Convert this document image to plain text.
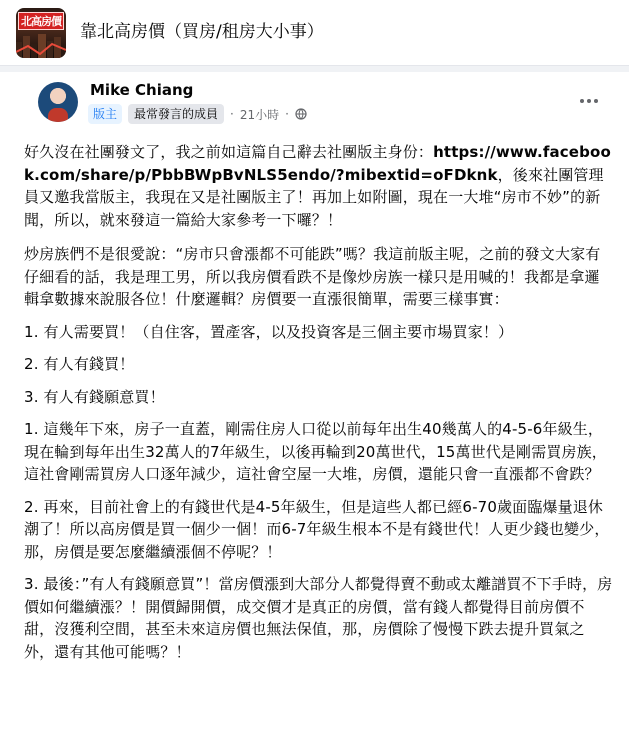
北高房價
靠北高房價（買房/租房大小事）
Mike Chiang
版主	最常發言的成員	· 21小時 ·
好久沒在社團發文了，我之前如這篇自己辭去社團版主身份：https://www.facebook.com/share/p/PbbBWpBvNLS5endo/?mibextid=oFDknk，後來社團管理員又邀我當版主，我現在又是社團版主了！再加上如附圖，現在一大堆“房市不妙”的新聞，所以，就來發這一篇給大家參考一下囉？！
炒房族們不是很愛說：“房市只會漲都不可能跌”嗎？我這前版主呢，之前的發文大家有仔細看的話，我是理工男，所以我房價看跌不是像炒房族一樣只是用喊的！我都是拿邏輯拿數據來說服各位！什麼邏輯？房價要一直漲很簡單，需要三樣事實：
1. 有人需要買！（自住客，置產客，以及投資客是三個主要市場買家！）
2. 有人有錢買！
3. 有人有錢願意買！
1. 這幾年下來，房子一直蓋，剛需住房人口從以前每年出生40幾萬人的4-5-6年級生，現在輪到每年出生32萬人的7年級生，以後再輪到20萬世代，15萬世代是剛需買房族，這社會剛需買房人口逐年減少，這社會空屋一大堆，房價，還能只會一直漲都不會跌？
2. 再來，目前社會上的有錢世代是4-5年級生，但是這些人都已經6-70歲面臨爆量退休潮了！所以高房價是買一個少一個！而6-7年級生根本不是有錢世代！人更少錢也變少，那，房價是要怎麼繼續漲個不停呢？！
3. 最後：”有人有錢願意買”！當房價漲到大部分人都覺得賣不動或太離譜買不下手時，房價如何繼續漲？！開價歸開價，成交價才是真正的房價，當有錢人都覺得目前房價不甜，沒獲利空間，甚至未來這房價也無法保值，那，房價除了慢慢下跌去提升買氣之外，還有其他可能嗎？！
